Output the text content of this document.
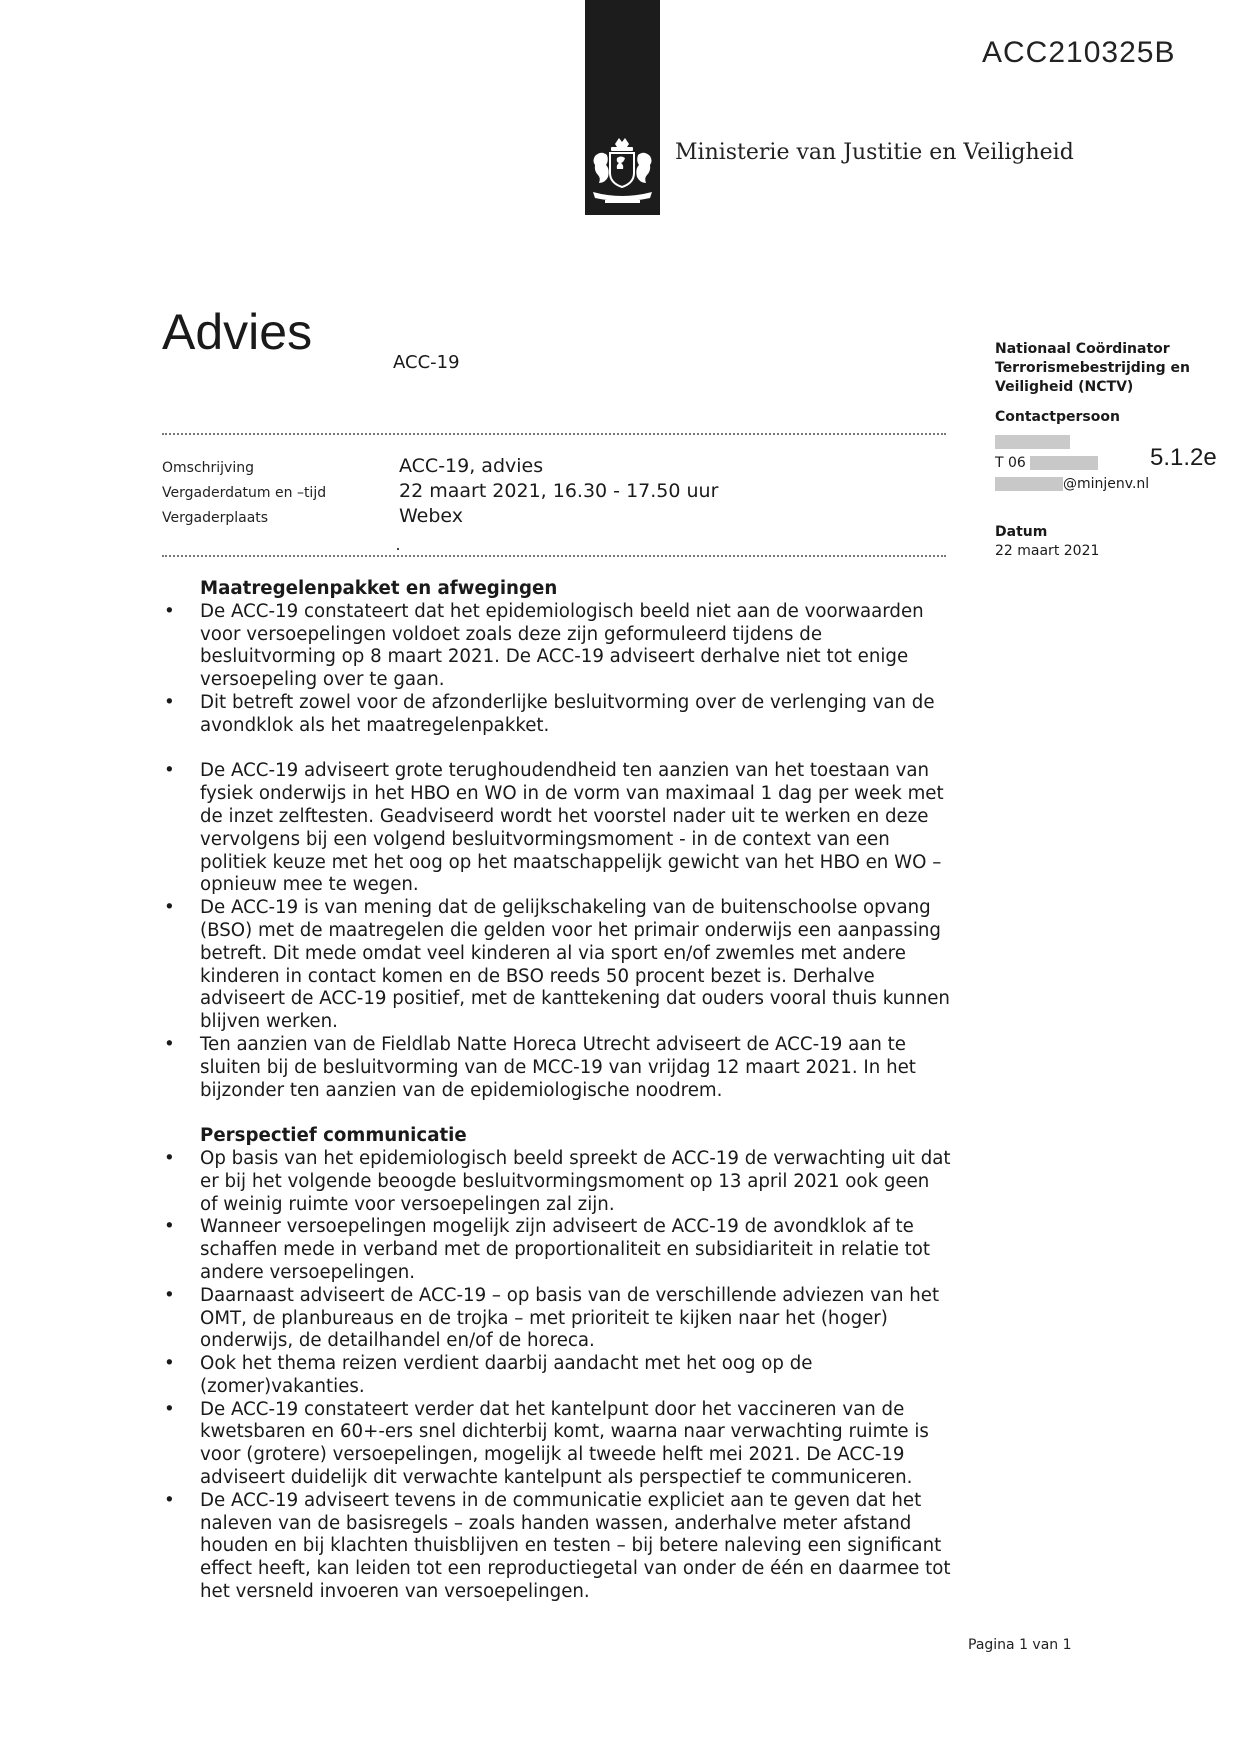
ACC210325B
Ministerie van Justitie en Veiligheid
Advies
ACC-19
Omschrijving	ACC-19, advies
Vergaderdatum en –tijd	22 maart 2021, 16.30 - 17.50 uur
Vergaderplaats	Webex
Nationaal Coördinator Terrorismebestrijding en Veiligheid (NCTV)
Contactpersoon
T 06
@minjenv.nl
5.1.2e
Datum
22 maart 2021
Maatregelenpakket en afwegingen
• De ACC-19 constateert dat het epidemiologisch beeld niet aan de voorwaarden voor versoepelingen voldoet zoals deze zijn geformuleerd tijdens de besluitvorming op 8 maart 2021. De ACC-19 adviseert derhalve niet tot enige versoepeling over te gaan.
• Dit betreft zowel voor de afzonderlijke besluitvorming over de verlenging van de avondklok als het maatregelenpakket.
• De ACC-19 adviseert grote terughoudendheid ten aanzien van het toestaan van fysiek onderwijs in het HBO en WO in de vorm van maximaal 1 dag per week met de inzet zelftesten. Geadviseerd wordt het voorstel nader uit te werken en deze vervolgens bij een volgend besluitvormingsmoment - in de context van een politiek keuze met het oog op het maatschappelijk gewicht van het HBO en WO – opnieuw mee te wegen.
• De ACC-19 is van mening dat de gelijkschakeling van de buitenschoolse opvang (BSO) met de maatregelen die gelden voor het primair onderwijs een aanpassing betreft. Dit mede omdat veel kinderen al via sport en/of zwemles met andere kinderen in contact komen en de BSO reeds 50 procent bezet is. Derhalve adviseert de ACC-19 positief, met de kanttekening dat ouders vooral thuis kunnen blijven werken.
• Ten aanzien van de Fieldlab Natte Horeca Utrecht adviseert de ACC-19 aan te sluiten bij de besluitvorming van de MCC-19 van vrijdag 12 maart 2021. In het bijzonder ten aanzien van de epidemiologische noodrem.
Perspectief communicatie
• Op basis van het epidemiologisch beeld spreekt de ACC-19 de verwachting uit dat er bij het volgende beoogde besluitvormingsmoment op 13 april 2021 ook geen of weinig ruimte voor versoepelingen zal zijn.
• Wanneer versoepelingen mogelijk zijn adviseert de ACC-19 de avondklok af te schaffen mede in verband met de proportionaliteit en subsidiariteit in relatie tot andere versoepelingen.
• Daarnaast adviseert de ACC-19 – op basis van de verschillende adviezen van het OMT, de planbureaus en de trojka – met prioriteit te kijken naar het (hoger) onderwijs, de detailhandel en/of de horeca.
• Ook het thema reizen verdient daarbij aandacht met het oog op de (zomer)vakanties.
• De ACC-19 constateert verder dat het kantelpunt door het vaccineren van de kwetsbaren en 60+-ers snel dichterbij komt, waarna naar verwachting ruimte is voor (grotere) versoepelingen, mogelijk al tweede helft mei 2021. De ACC-19 adviseert duidelijk dit verwachte kantelpunt als perspectief te communiceren.
• De ACC-19 adviseert tevens in de communicatie expliciet aan te geven dat het naleven van de basisregels – zoals handen wassen, anderhalve meter afstand houden en bij klachten thuisblijven en testen – bij betere naleving een significant effect heeft, kan leiden tot een reproductiegetal van onder de één en daarmee tot het versneld invoeren van versoepelingen.
Pagina 1 van 1
